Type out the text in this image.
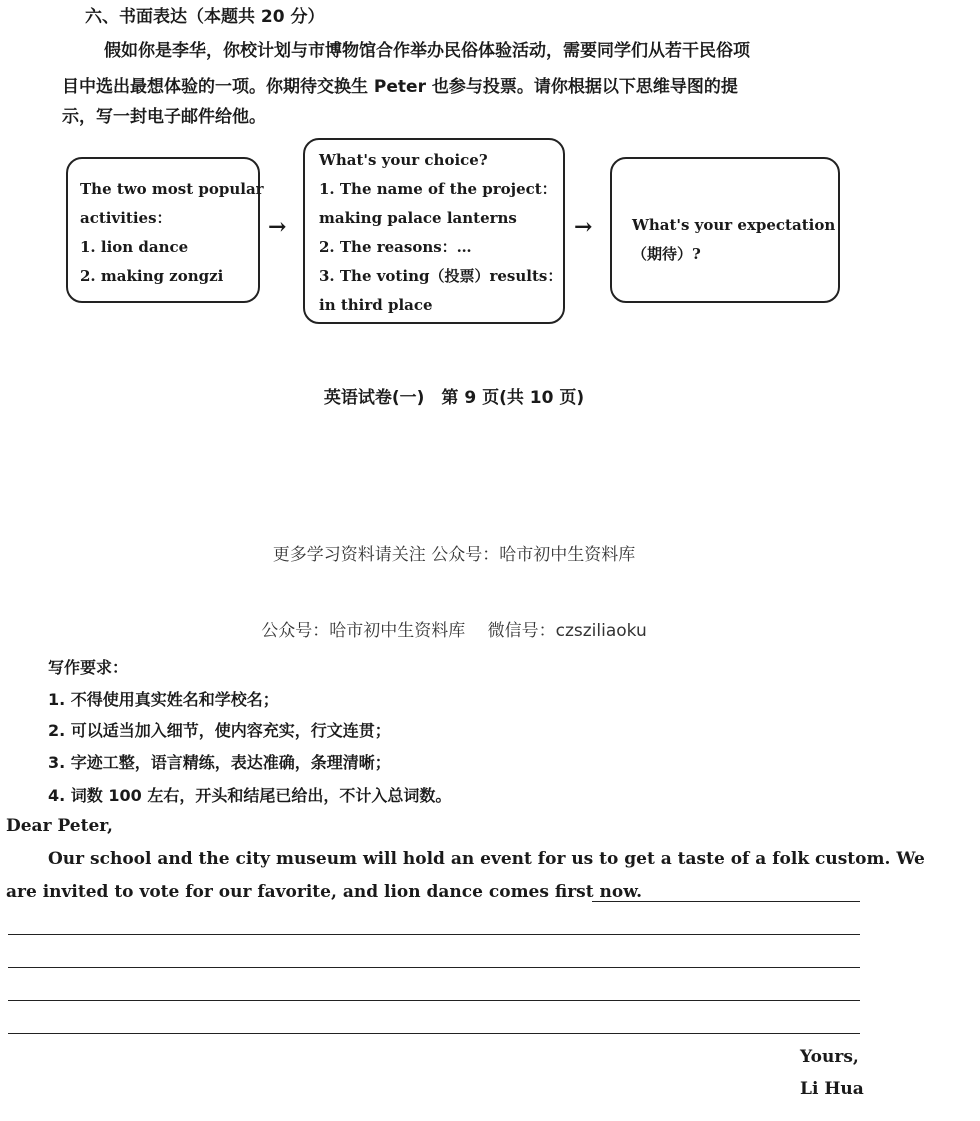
六、书面表达（本题共 20 分）
假如你是李华，你校计划与市博物馆合作举办民俗体验活动，需要同学们从若干民俗项
目中选出最想体验的一项。你期待交换生 Peter 也参与投票。请你根据以下思维导图的提
示，写一封电子邮件给他。
The two most popular
activities：
1. lion dance
2. making zongzi
→
What's your choice?
1. The name of the project：
making palace lanterns
2. The reasons：…
3. The voting（投票）results：
in third place
→	What's your expectation
（期待）?
英语试卷(一)　第 9 页(共 10 页)
更多学习资料请关注 公众号：哈市初中生资料库
公众号：哈市初中生资料库　 微信号：czsziliaoku
写作要求：
1. 不得使用真实姓名和学校名；
2. 可以适当加入细节，使内容充实，行文连贯；
3. 字迹工整，语言精练，表达准确，条理清晰；
4. 词数 100 左右，开头和结尾已给出，不计入总词数。
Dear Peter,
Our school and the city museum will hold an event for us to get a taste of a folk custom. We
are invited to vote for our favorite, and lion dance comes first now.
Yours,
Li Hua
